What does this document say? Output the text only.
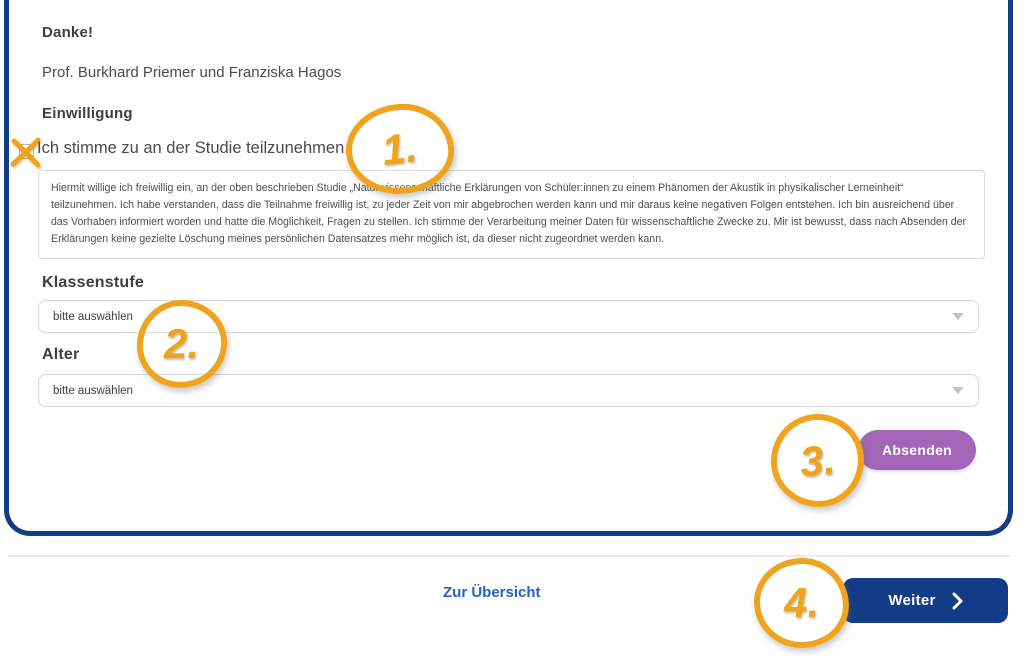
Danke!
Prof. Burkhard Priemer und Franziska Hagos
Einwilligung
Ich stimme zu an der Studie teilzunehmen.
Hiermit willige ich freiwillig ein, an der oben beschrieben Studie „Naturwissenschaftliche Erklärungen von Schüler:innen zu einem Phänomen der Akustik in physikalischer Lerneinheit“ teilzunehmen. Ich habe verstanden, dass die Teilnahme freiwillig ist, zu jeder Zeit von mir abgebrochen werden kann und mir daraus keine negativen Folgen entstehen. Ich bin ausreichend über das Vorhaben informiert worden und hatte die Möglichkeit, Fragen zu stellen. Ich stimme der Verarbeitung meiner Daten für wissenschaftliche Zwecke zu. Mir ist bewusst, dass nach Absenden der Erklärungen keine gezielte Löschung meines persönlichen Datensatzes mehr möglich ist, da dieser nicht zugeordnet werden kann.
Klassenstufe
bitte auswählen
Alter
bitte auswählen
Absenden
Zur Übersicht	Weiter
1.
2.
3.
4.
